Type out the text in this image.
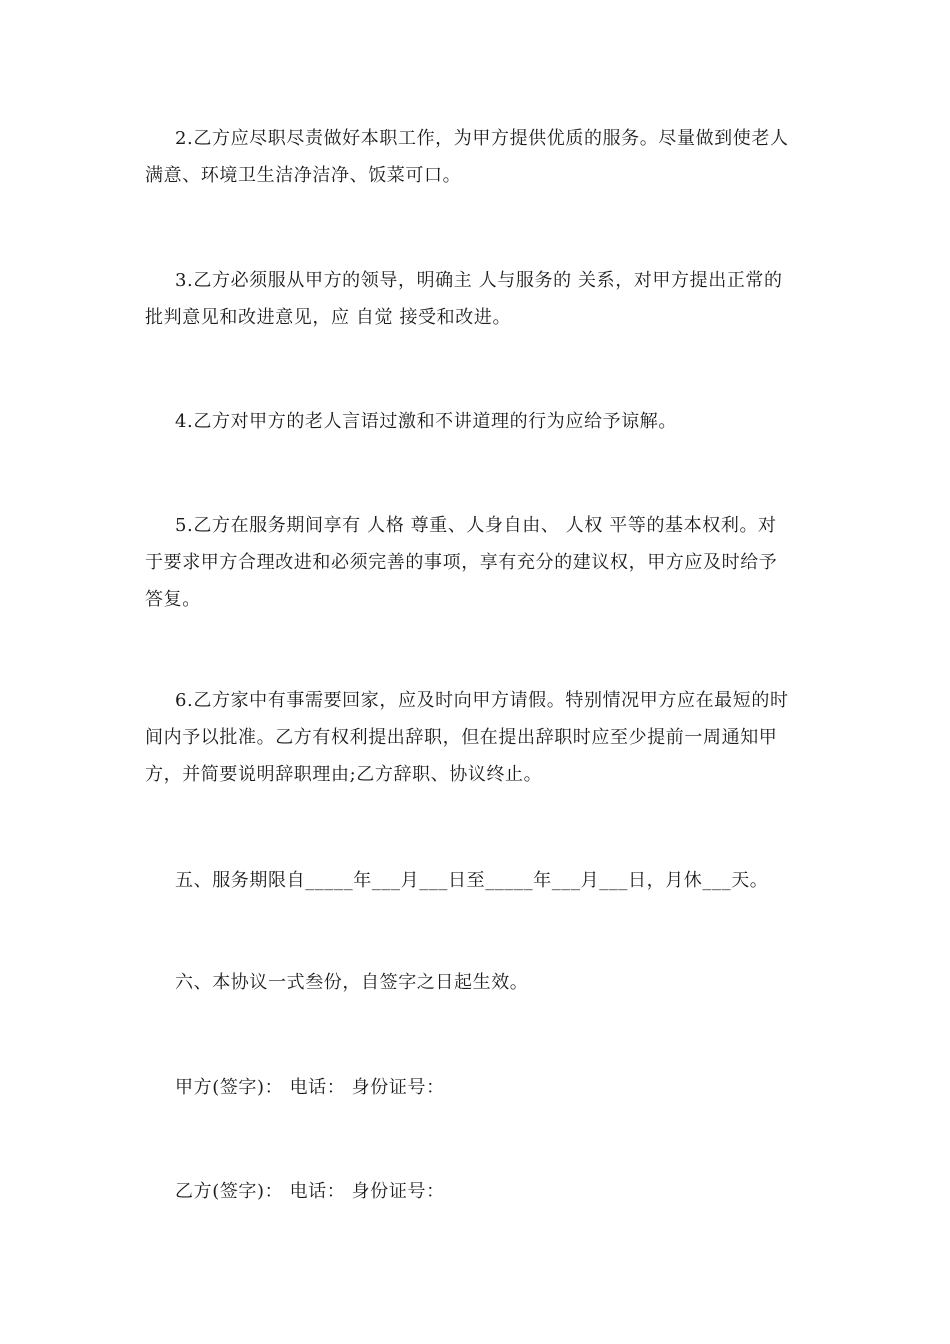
2.乙方应尽职尽责做好本职工作，为甲方提供优质的服务。尽量做到使老人
满意、环境卫生洁净洁净、饭菜可口。
3.乙方必须服从甲方的领导，明确主 人与服务的 关系，对甲方提出正常的
批判意见和改进意见，应 自觉 接受和改进。
4.乙方对甲方的老人言语过激和不讲道理的行为应给予谅解。
5.乙方在服务期间享有 人格 尊重、人身自由、 人权 平等的基本权利。对
于要求甲方合理改进和必须完善的事项，享有充分的建议权，甲方应及时给予
答复。
6.乙方家中有事需要回家，应及时向甲方请假。特别情况甲方应在最短的时
间内予以批准。乙方有权利提出辞职，但在提出辞职时应至少提前一周通知甲
方，并简要说明辞职理由;乙方辞职、协议终止。
五、服务期限自_____年___月___日至_____年___月___日，月休___天。
六、本协议一式叁份，自签字之日起生效。
甲方(签字)： 电话： 身份证号：
乙方(签字)： 电话： 身份证号：
